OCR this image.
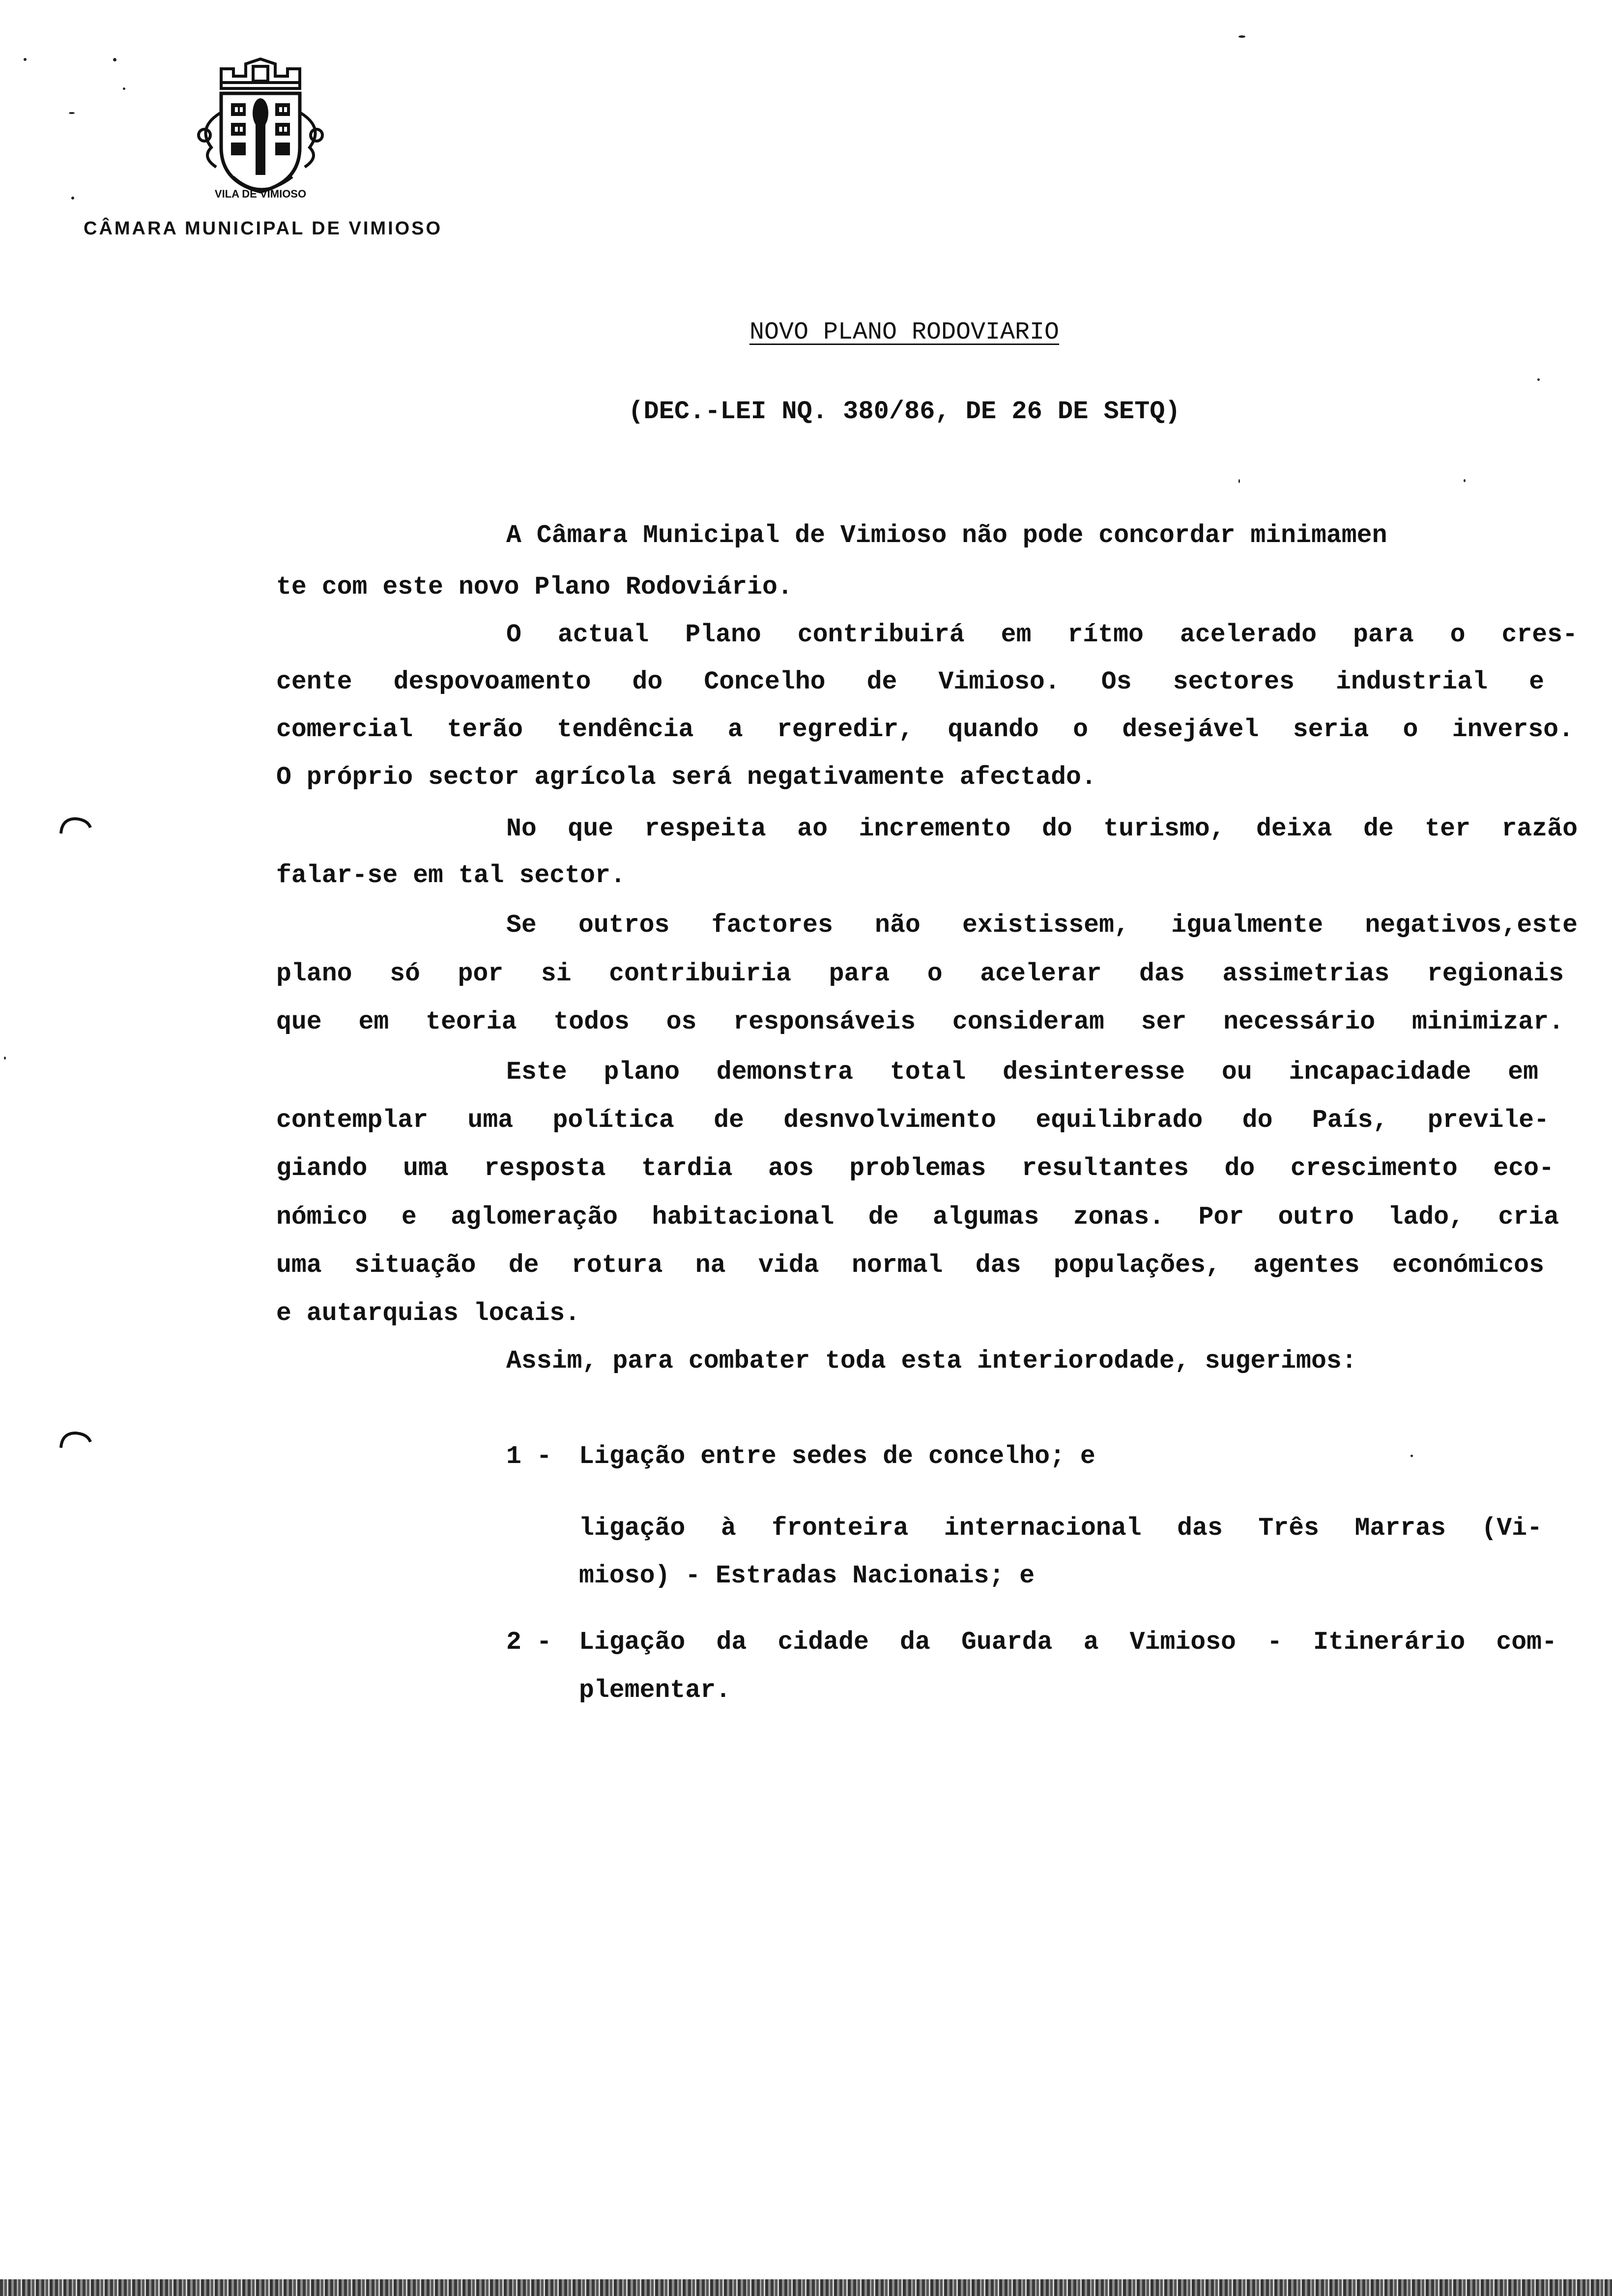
VILA DE VIMIOSO
CÂMARA MUNICIPAL DE VIMIOSO
NOVO PLANO RODOVIARIO
(DEC.-LEI NQ. 380/86, DE 26 DE SETQ)
A Câmara Municipal de Vimioso não pode concordar minimamen
te com este novo Plano Rodoviário.
O actual Plano contribuirá em rítmo acelerado para o cres-
cente despovoamento do Concelho de Vimioso. Os sectores industrial e
comercial terão tendência a regredir, quando o desejável seria o inverso.
O próprio sector agrícola será negativamente afectado.
No que respeita ao incremento do turismo, deixa de ter razão
falar-se em tal sector.
Se outros factores não existissem, igualmente negativos,este
plano só por si contribuiria para o acelerar das assimetrias regionais
que em teoria todos os responsáveis consideram ser necessário minimizar.
Este plano demonstra total desinteresse ou incapacidade em
contemplar uma política de desnvolvimento equilibrado do País, previle-
giando uma resposta tardia aos problemas resultantes do crescimento eco-
nómico e aglomeração habitacional de algumas zonas. Por outro lado, cria
uma situação de rotura na vida normal das populações, agentes económicos
e autarquias locais.
Assim, para combater toda esta interiorodade, sugerimos:
1 - Ligação entre sedes de concelho; e
ligação à fronteira internacional das Três Marras (Vi-
mioso) - Estradas Nacionais; e
2 - Ligação da cidade da Guarda a Vimioso - Itinerário com-
plementar.
